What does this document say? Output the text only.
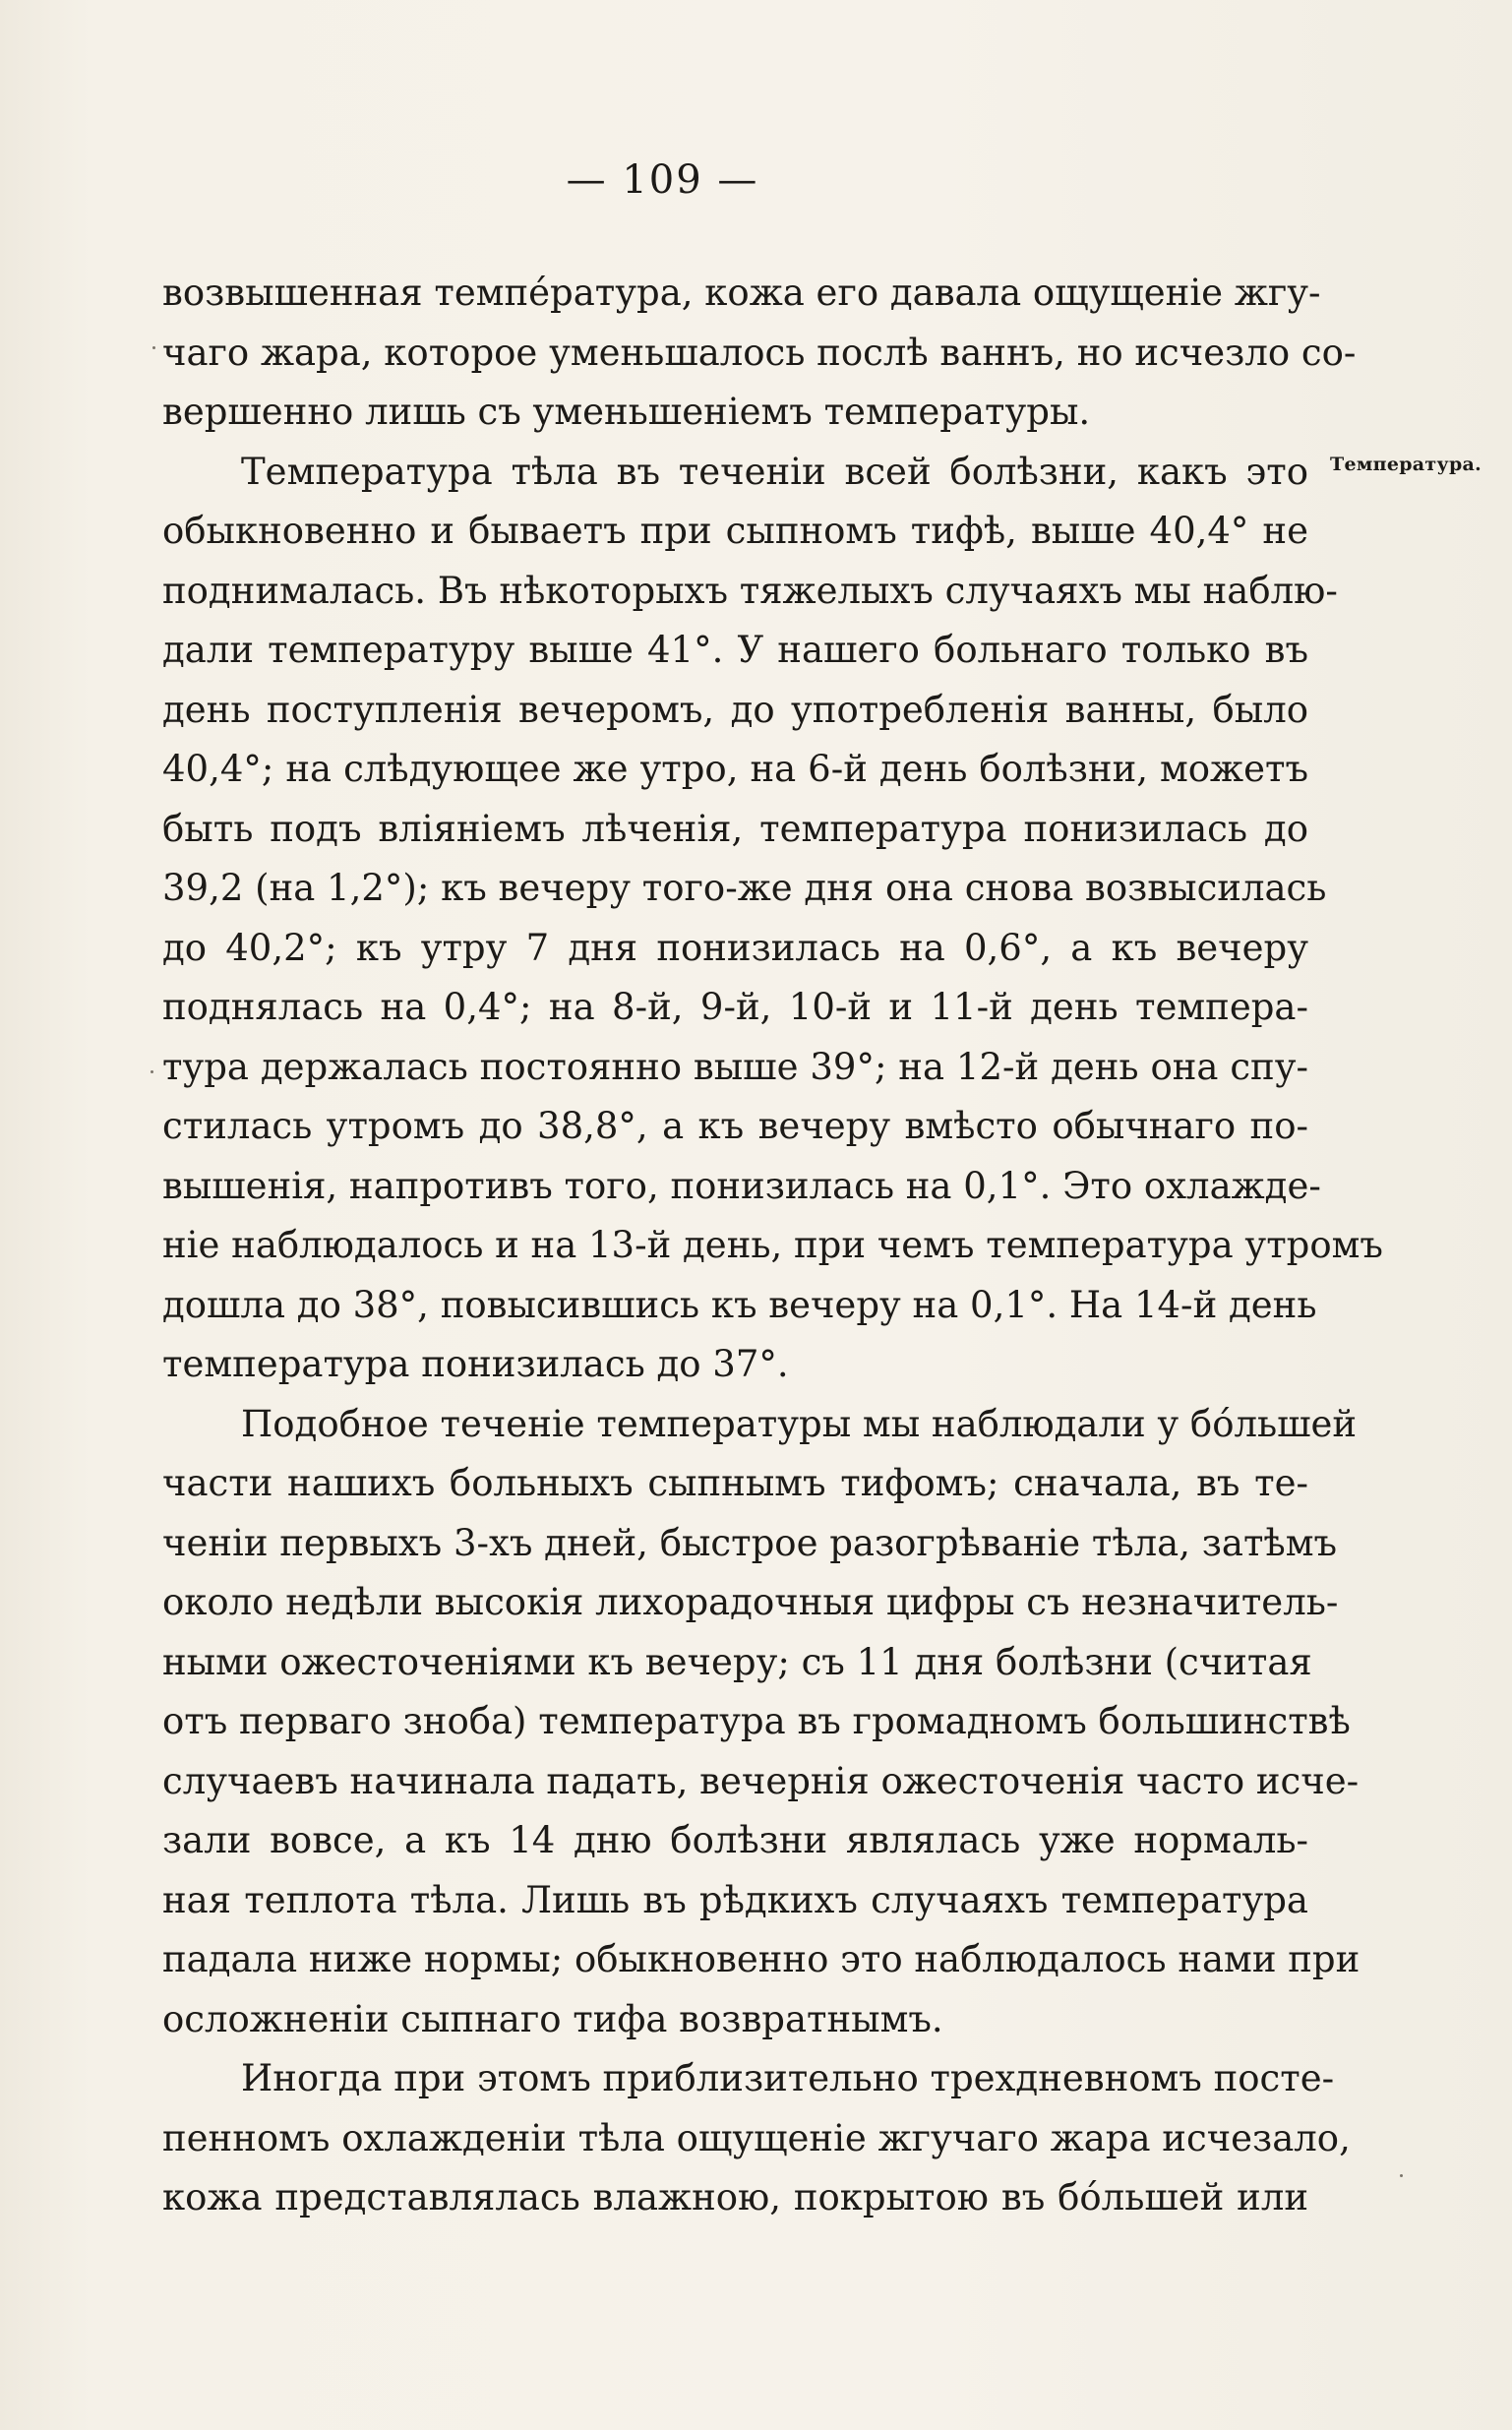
— 109 —
Температура.
возвышенная темпе́ратура, кожа его давала ощущеніе жгу-
чаго жара, которое уменьшалось послѣ ваннъ, но исчезло со-
вершенно лишь съ уменьшеніемъ температуры.
Температура тѣла въ теченіи всей болѣзни, какъ это
обыкновенно и бываетъ при сыпномъ тифѣ, выше 40,4° не
поднималась. Въ нѣкоторыхъ тяжелыхъ случаяхъ мы наблю-
дали температуру выше 41°. У нашего больнаго только въ
день поступленія вечеромъ, до употребленія ванны, было
40,4°; на слѣдующее же утро, на 6-й день болѣзни, можетъ
быть подъ вліяніемъ лѣченія, температура понизилась до
39,2 (на 1,2°); къ вечеру того-же дня она снова возвысилась
до 40,2°; къ утру 7 дня понизилась на 0,6°, а къ вечеру
поднялась на 0,4°; на 8-й, 9-й, 10-й и 11-й день темпера-
тура держалась постоянно выше 39°; на 12-й день она спу-
стилась утромъ до 38,8°, а къ вечеру вмѣсто обычнаго по-
вышенія, напротивъ того, понизилась на 0,1°. Это охлажде-
ніе наблюдалось и на 13-й день, при чемъ температура утромъ
дошла до 38°, повысившись къ вечеру на 0,1°. На 14-й день
температура понизилась до 37°.
Подобное теченіе температуры мы наблюдали у бо́льшей
части нашихъ больныхъ сыпнымъ тифомъ; сначала, въ те-
ченіи первыхъ 3-хъ дней, быстрое разогрѣваніе тѣла, затѣмъ
около недѣли высокія лихорадочныя цифры съ незначитель-
ными ожесточеніями къ вечеру; съ 11 дня болѣзни (считая
отъ перваго зноба) температура въ громадномъ большинствѣ
случаевъ начинала падать, вечернія ожесточенія часто исче-
зали вовсе, а къ 14 дню болѣзни являлась уже нормаль-
ная теплота тѣла. Лишь въ рѣдкихъ случаяхъ температура
падала ниже нормы; обыкновенно это наблюдалось нами при
осложненіи сыпнаго тифа возвратнымъ.
Иногда при этомъ приблизительно трехдневномъ посте-
пенномъ охлажденіи тѣла ощущеніе жгучаго жара исчезало,
кожа представлялась влажною, покрытою въ бо́льшей или
